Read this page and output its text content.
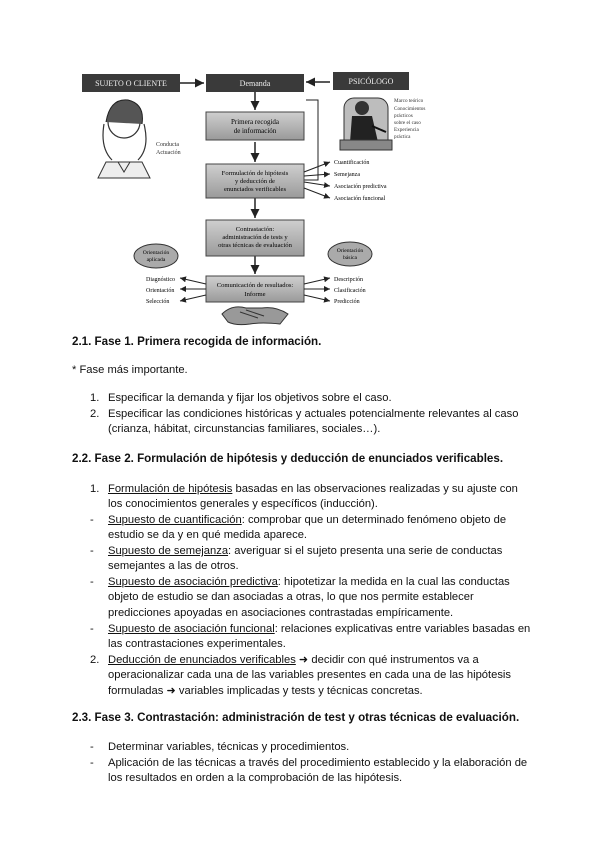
SUJETO O CLIENTE	Demanda	PSICÓLOGO
Conducta
Actuación
Marco teórico
Conocimientos
prácticos
sobre el caso
Experiencia
práctica
Primera recogida
de información
Formulación de hipótesis
y deducción de
enunciados verificables
Cuantificación
Semejanza
Asociación predictiva
Asociación funcional
Contrastación:
administración de tests y
otras técnicas de evaluación
Orientación
aplicada
Orientación
básica
Comunicación de resultados:
Informe
Diagnóstico
Orientación
Selección
Descripción
Clasificación
Predicción
2.1. Fase 1. Primera recogida de información.
* Fase más importante.
1. Especificar la demanda y fijar los objetivos sobre el caso.
2. Especificar las condiciones históricas y actuales potencialmente relevantes al caso
(crianza, hábitat, circunstancias familiares, sociales…).
2.2. Fase 2. Formulación de hipótesis y deducción de enunciados verificables.
1. Formulación de hipótesis basadas en las observaciones realizadas y su ajuste con
los conocimientos generales y específicos (inducción).
-	Supuesto de cuantificación: comprobar que un determinado fenómeno objeto de
estudio se da y en qué medida aparece.
-	Supuesto de semejanza: averiguar si el sujeto presenta una serie de conductas
semejantes a las de otros.
-	Supuesto de asociación predictiva: hipotetizar la medida en la cual las conductas
objeto de estudio se dan asociadas a otras, lo que nos permite establecer
predicciones apoyadas en asociaciones contrastadas empíricamente.
-	Supuesto de asociación funcional: relaciones explicativas entre variables basadas en
las contrastaciones experimentales.
2. Deducción de enunciados verificables ➜ decidir con qué instrumentos va a
operacionalizar cada una de las variables presentes en cada una de las hipótesis
formuladas ➜ variables implicadas y tests y técnicas concretas.
2.3. Fase 3. Contrastación: administración de test y otras técnicas de evaluación.
-	Determinar variables, técnicas y procedimientos.
-	Aplicación de las técnicas a través del procedimiento establecido y la elaboración de
los resultados en orden a la comprobación de las hipótesis.
